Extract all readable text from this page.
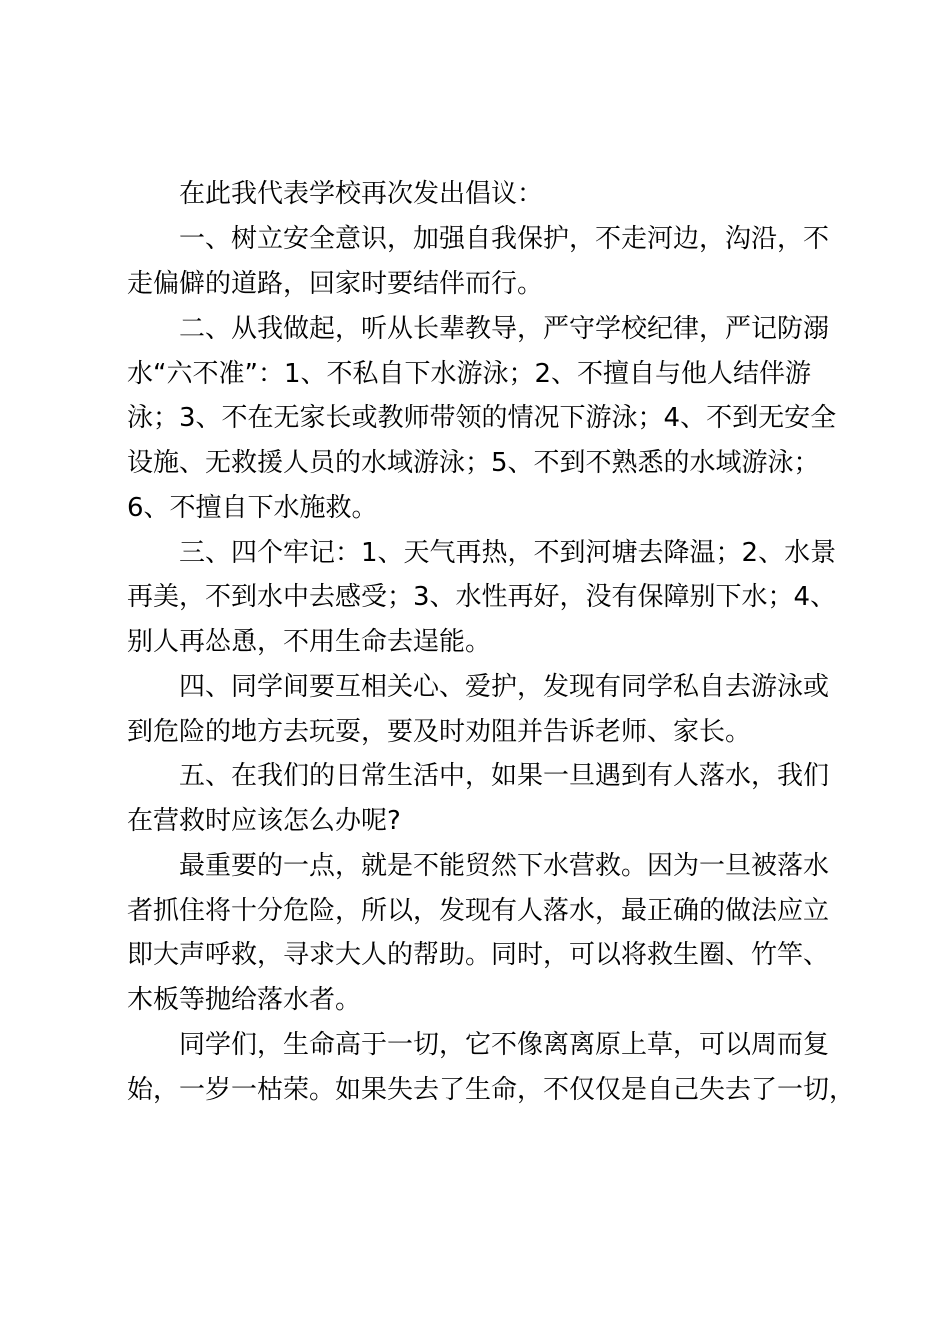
在此我代表学校再次发出倡议：
一、树立安全意识，加强自我保护，不走河边，沟沿，不
走偏僻的道路，回家时要结伴而行。
二、从我做起，听从长辈教导，严守学校纪律，严记防溺
水“六不准”：1、不私自下水游泳；2、不擅自与他人结伴游
泳；3、不在无家长或教师带领的情况下游泳；4、不到无安全
设施、无救援人员的水域游泳；5、不到不熟悉的水域游泳；
6、不擅自下水施救。
三、四个牢记：1、天气再热，不到河塘去降温；2、水景
再美，不到水中去感受；3、水性再好，没有保障别下水；4、
别人再怂恿，不用生命去逞能。
四、同学间要互相关心、爱护，发现有同学私自去游泳或
到危险的地方去玩耍，要及时劝阻并告诉老师、家长。
五、在我们的日常生活中，如果一旦遇到有人落水，我们
在营救时应该怎么办呢?
最重要的一点，就是不能贸然下水营救。因为一旦被落水
者抓住将十分危险，所以，发现有人落水，最正确的做法应立
即大声呼救，寻求大人的帮助。同时，可以将救生圈、竹竿、
木板等抛给落水者。
同学们，生命高于一切，它不像离离原上草，可以周而复
始，一岁一枯荣。如果失去了生命，不仅仅是自己失去了一切，
